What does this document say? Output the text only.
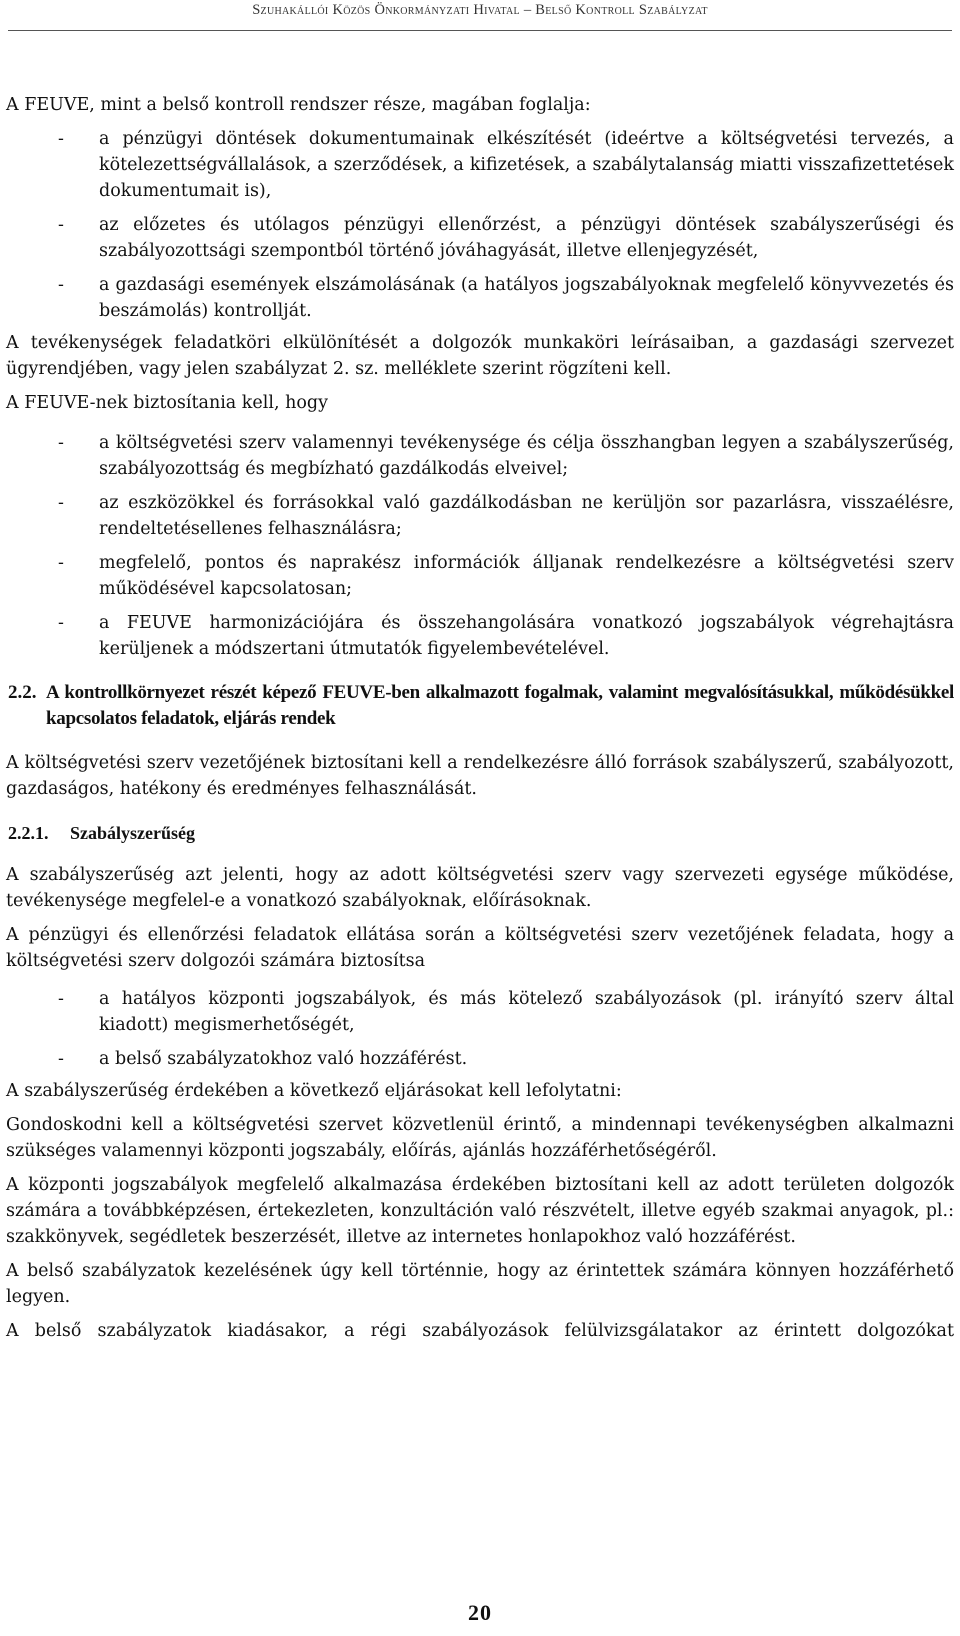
Szuhakállói Közös Önkormányzati Hivatal – Belső Kontroll Szabályzat

A FEUVE, mint a belső kontroll rendszer része, magában foglalja:

- a pénzügyi döntések dokumentumainak elkészítését (ideértve a költségvetési tervezés, a kötelezettségvállalások, a szerződések, a kifizetések, a szabálytalanság miatti visszafizettetések dokumentumait is),
- az előzetes és utólagos pénzügyi ellenőrzést, a pénzügyi döntések szabályszerűségi és szabályozottsági szempontból történő jóváhagyását, illetve ellenjegyzését,
- a gazdasági események elszámolásának (a hatályos jogszabályoknak megfelelő könyvvezetés és beszámolás) kontrollját.

A tevékenységek feladatköri elkülönítését a dolgozók munkaköri leírásaiban, a gazdasági szervezet ügyrendjében, vagy jelen szabályzat 2. sz. melléklete szerint rögzíteni kell.

A FEUVE-nek biztosítania kell, hogy

- a költségvetési szerv valamennyi tevékenysége és célja összhangban legyen a szabályszerűség, szabályozottság és megbízható gazdálkodás elveivel;
- az eszközökkel és forrásokkal való gazdálkodásban ne kerüljön sor pazarlásra, visszaélésre, rendeltetésellenes felhasználásra;
- megfelelő, pontos és naprakész információk álljanak rendelkezésre a költségvetési szerv működésével kapcsolatosan;
- a FEUVE harmonizációjára és összehangolására vonatkozó jogszabályok végrehajtásra kerüljenek a módszertani útmutatók figyelembevételével.
2.2. A kontrollkörnyezet részét képező FEUVE-ben alkalmazott fogalmak, valamint megvalósításukkal, működésükkel kapcsolatos feladatok, eljárás rendek

A költségvetési szerv vezetőjének biztosítani kell a rendelkezésre álló források szabályszerű, szabályozott, gazdaságos, hatékony és eredményes felhasználását.

2.2.1. Szabályszerűség

A szabályszerűség azt jelenti, hogy az adott költségvetési szerv vagy szervezeti egysége működése, tevékenysége megfelel-e a vonatkozó szabályoknak, előírásoknak.

A pénzügyi és ellenőrzési feladatok ellátása során a költségvetési szerv vezetőjének feladata, hogy a költségvetési szerv dolgozói számára biztosítsa

- a hatályos központi jogszabályok, és más kötelező szabályozások (pl. irányító szerv által kiadott) megismerhetőségét,
- a belső szabályzatokhoz való hozzáférést.

A szabályszerűség érdekében a következő eljárásokat kell lefolytatni:

Gondoskodni kell a költségvetési szervet közvetlenül érintő, a mindennapi tevékenységben alkalmazni szükséges valamennyi központi jogszabály, előírás, ajánlás hozzáférhetőségéről.

A központi jogszabályok megfelelő alkalmazása érdekében biztosítani kell az adott területen dolgozók számára a továbbképzésen, értekezleten, konzultáción való részvételt, illetve egyéb szakmai anyagok, pl.: szakkönyvek, segédletek beszerzését, illetve az internetes honlapokhoz való hozzáférést.

A belső szabályzatok kezelésének úgy kell történnie, hogy az érintettek számára könnyen hozzáférhető legyen.

A belső szabályzatok kiadásakor, a régi szabályozások felülvizsgálatakor az érintett dolgozókat

20
